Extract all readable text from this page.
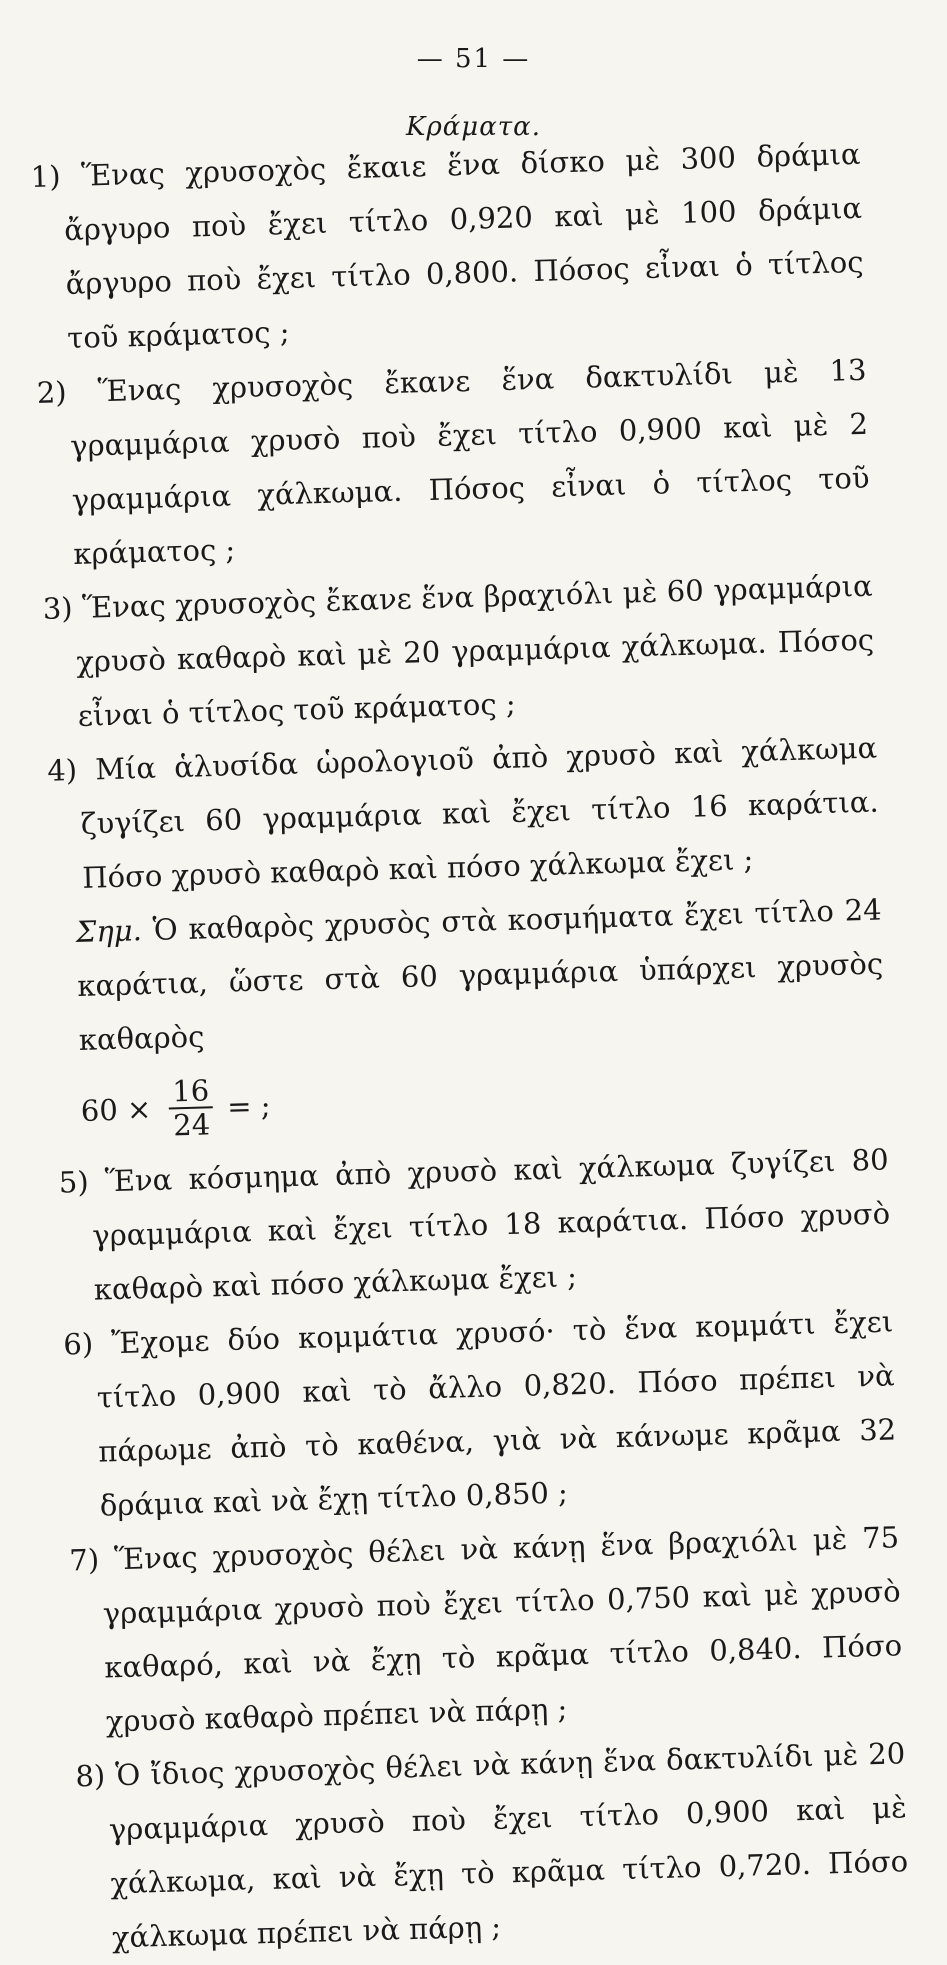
— 51 —
Κράματα.

1) Ἕνας χρυσοχὸς ἔκαιε ἕνα δίσκο μὲ 300 δράμια ἄργυρο ποὺ ἔχει τίτλο 0,920 καὶ μὲ 100 δράμια ἄργυρο ποὺ ἔχει τίτλο 0,800. Πόσος εἶναι ὁ τίτλος τοῦ κράματος ;

2) Ἕνας χρυσοχὸς ἔκανε ἕνα δακτυλίδι μὲ 13 γραμμάρια χρυσὸ ποὺ ἔχει τίτλο 0,900 καὶ μὲ 2 γραμμάρια χάλκωμα. Πόσος εἶναι ὁ τίτλος τοῦ κράματος ;

3) Ἕνας χρυσοχὸς ἔκανε ἕνα βραχιόλι μὲ 60 γραμμάρια χρυσὸ καθαρὸ καὶ μὲ 20 γραμμάρια χάλκωμα. Πόσος εἶναι ὁ τίτλος τοῦ κράματος ;

4) Μία ἁλυσίδα ὡρολογιοῦ ἀπὸ χρυσὸ καὶ χάλκωμα ζυγίζει 60 γραμμάρια καὶ ἔχει τίτλο 16 καράτια. Πόσο χρυσὸ καθαρὸ καὶ πόσο χάλκωμα ἔχει ;

Σημ. Ὁ καθαρὸς χρυσὸς στὰ κοσμήματα ἔχει τίτλο 24 καράτια, ὥστε στὰ 60 γραμμάρια ὑπάρχει χρυσὸς καθαρὸς

$60 \times \frac{16}{24}$ = ;

5) Ἕνα κόσμημα ἀπὸ χρυσὸ καὶ χάλκωμα ζυγίζει 80 γραμμάρια καὶ ἔχει τίτλο 18 καράτια. Πόσο χρυσὸ καθαρὸ καὶ πόσο χάλκωμα ἔχει ;

6) Ἔχομε δύο κομμάτια χρυσό· τὸ ἕνα κομμάτι ἔχει τίτλο 0,900 καὶ τὸ ἄλλο 0,820. Πόσο πρέπει νὰ πάρωμε ἀπὸ τὸ καθένα, γιὰ νὰ κάνωμε κρᾶμα 32 δράμια καὶ νὰ ἔχῃ τίτλο 0,850 ;

7) Ἕνας χρυσοχὸς θέλει νὰ κάνῃ ἕνα βραχιόλι μὲ 75 γραμμάρια χρυσὸ ποὺ ἔχει τίτλο 0,750 καὶ μὲ χρυσὸ καθαρό, καὶ νὰ ἔχῃ τὸ κρᾶμα τίτλο 0,840. Πόσο χρυσὸ καθαρὸ πρέπει νὰ πάρῃ ;

8) Ὁ ἴδιος χρυσοχὸς θέλει νὰ κάνῃ ἕνα δακτυλίδι μὲ 20 γραμμάρια χρυσὸ ποὺ ἔχει τίτλο 0,900 καὶ μὲ χάλκωμα, καὶ νὰ ἔχῃ τὸ κρᾶμα τίτλο 0,720. Πόσο χάλκωμα πρέπει νὰ πάρῃ ;
